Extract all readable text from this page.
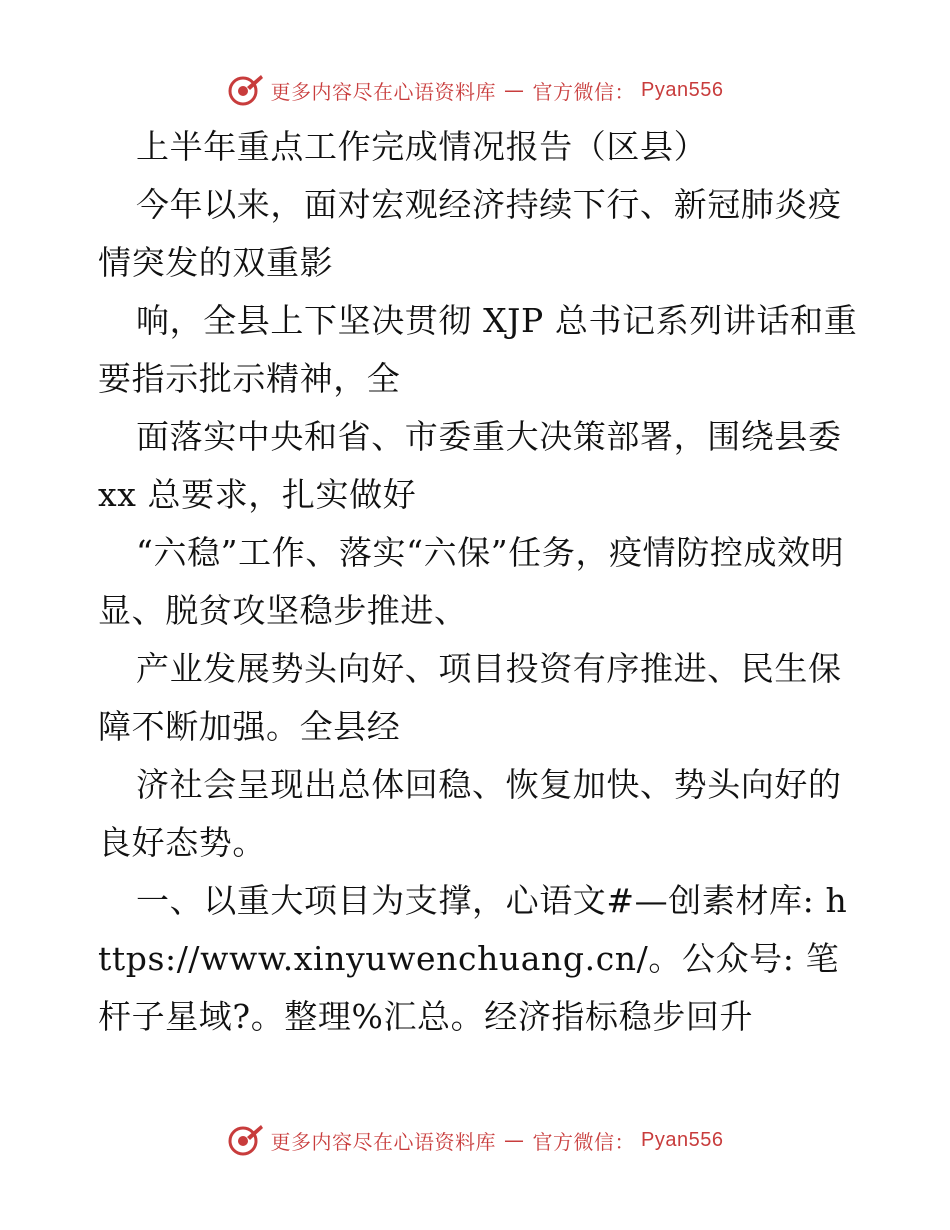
更多内容尽在心语资料库 — 官方微信： Pyan556

上半年重点工作完成情况报告（区县）

今年以来，面对宏观经济持续下行、新冠肺炎疫情突发的双重影

响，全县上下坚决贯彻 XJP 总书记系列讲话和重要指示批示精神，全

面落实中央和省、市委重大决策部署，围绕县委 xx 总要求，扎实做好

“六稳”工作、落实“六保”任务，疫情防控成效明显、脱贫攻坚稳步推进、

产业发展势头向好、项目投资有序推进、民生保障不断加强。全县经

济社会呈现出总体回稳、恢复加快、势头向好的良好态势。

一、以重大项目为支撑，心语文#—创素材库: https://www.xinyuwenchuang.cn/。公众号: 笔杆子星域?。整理%汇总。经济指标稳步回升

更多内容尽在心语资料库 — 官方微信： Pyan556
